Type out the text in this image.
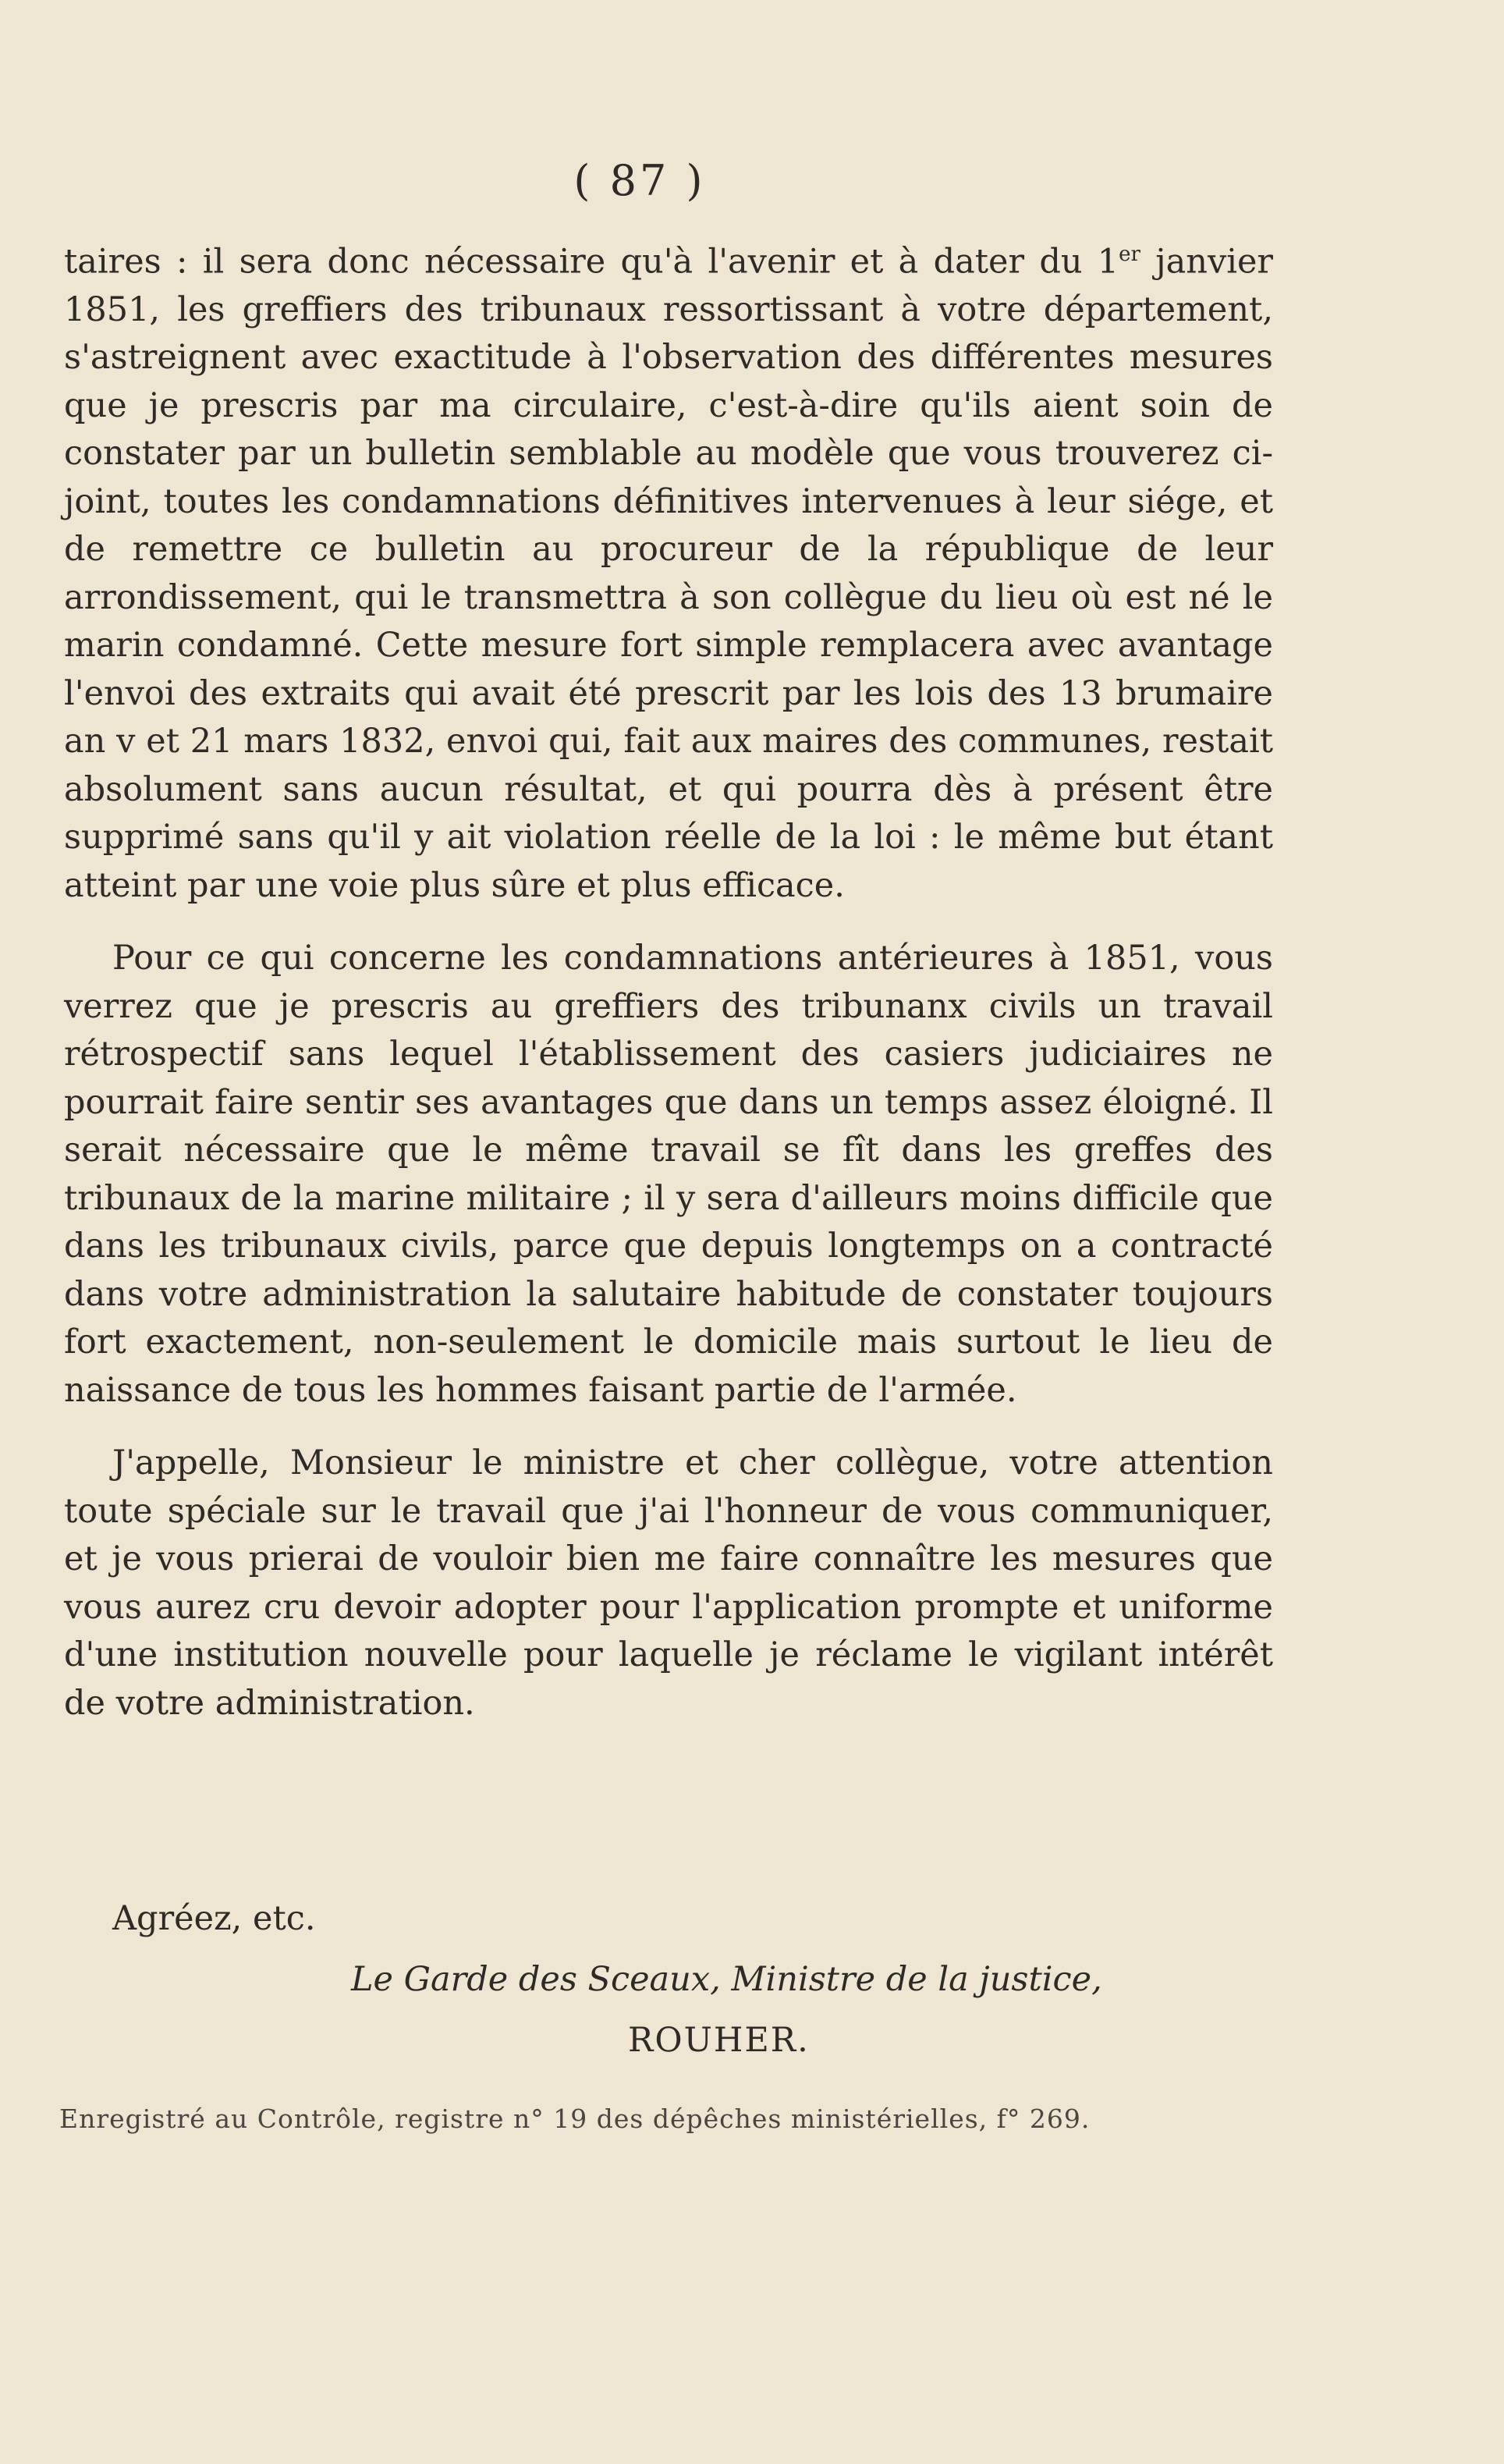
( 87 )

taires : il sera donc nécessaire qu'à l'avenir et à dater du 1er janvier 1851, les greffiers des tribunaux ressortissant à votre département, s'astreignent avec exactitude à l'observation des différentes mesures que je prescris par ma circulaire, c'est-à-dire qu'ils aient soin de constater par un bulletin semblable au modèle que vous trouverez ci-joint, toutes les condamnations définitives intervenues à leur siége, et de remettre ce bulletin au procureur de la république de leur arrondissement, qui le transmettra à son collègue du lieu où est né le marin condamné. Cette mesure fort simple remplacera avec avantage l'envoi des extraits qui avait été prescrit par les lois des 13 brumaire an v et 21 mars 1832, envoi qui, fait aux maires des communes, restait absolument sans aucun résultat, et qui pourra dès à présent être supprimé sans qu'il y ait violation réelle de la loi : le même but étant atteint par une voie plus sûre et plus efficace.

Pour ce qui concerne les condamnations antérieures à 1851, vous verrez que je prescris au greffiers des tribunanx civils un travail rétrospectif sans lequel l'établissement des casiers judiciaires ne pourrait faire sentir ses avantages que dans un temps assez éloigné. Il serait nécessaire que le même travail se fît dans les greffes des tribunaux de la marine militaire ; il y sera d'ailleurs moins difficile que dans les tribunaux civils, parce que depuis longtemps on a contracté dans votre administration la salutaire habitude de constater toujours fort exactement, non-seulement le domicile mais surtout le lieu de naissance de tous les hommes faisant partie de l'armée.

J'appelle, Monsieur le ministre et cher collègue, votre attention toute spéciale sur le travail que j'ai l'honneur de vous communiquer, et je vous prierai de vouloir bien me faire connaître les mesures que vous aurez cru devoir adopter pour l'application prompte et uniforme d'une institution nouvelle pour laquelle je réclame le vigilant intérêt de votre administration.

Agréez, etc.
Le Garde des Sceaux, Ministre de la justice,
ROUHER.
Enregistré au Contrôle, registre n° 19 des dépêches ministérielles, f° 269.
